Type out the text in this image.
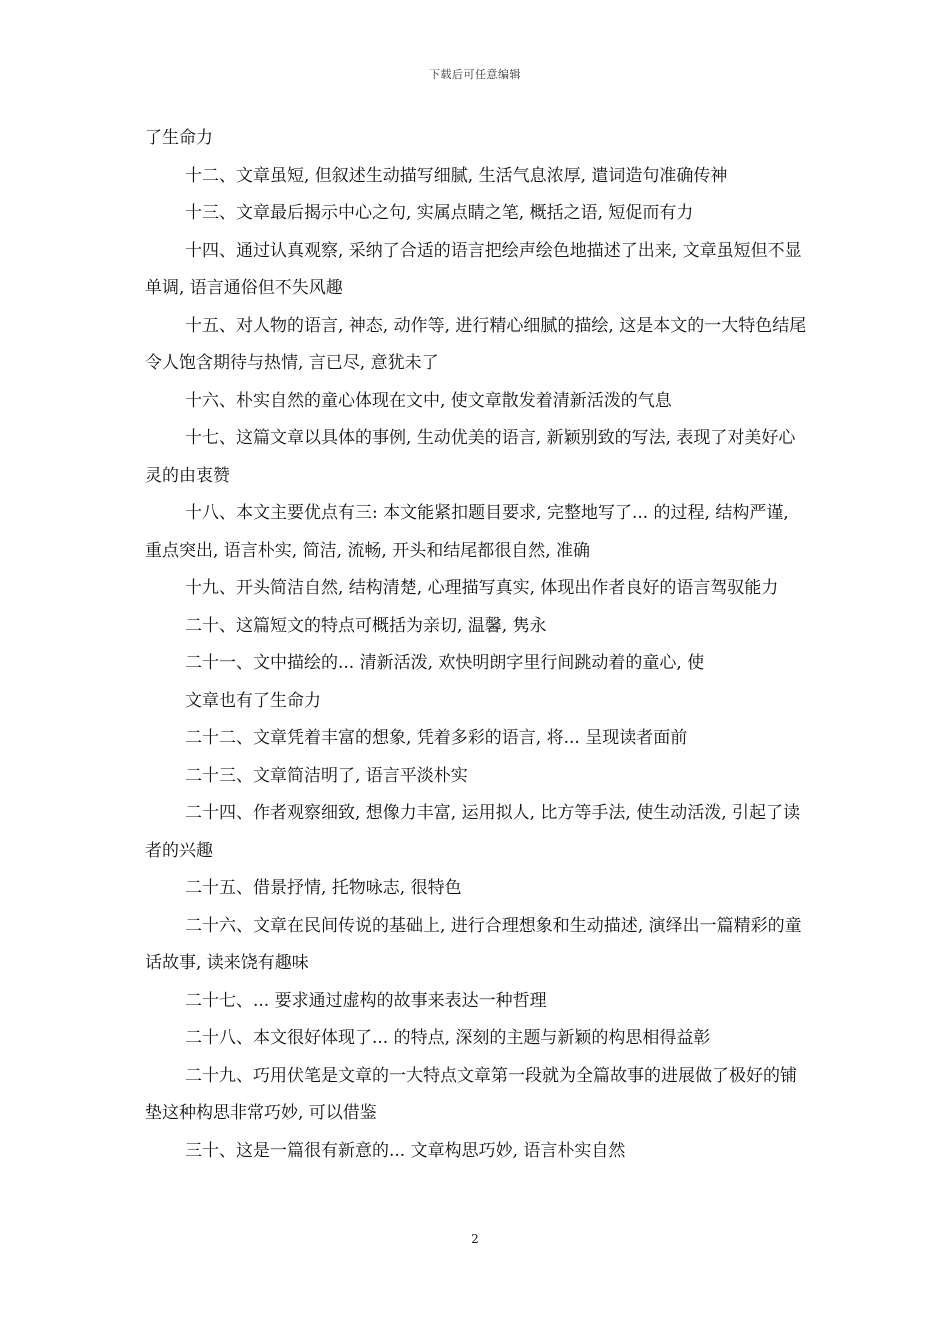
下载后可任意编辑

了生命力

十二、文章虽短, 但叙述生动描写细腻, 生活气息浓厚, 遣词造句准确传神

十三、文章最后揭示中心之句, 实属点睛之笔, 概括之语, 短促而有力

十四、通过认真观察, 采纳了合适的语言把绘声绘色地描述了出来, 文章虽短但不显单调, 语言通俗但不失风趣

十五、对人物的语言, 神态, 动作等, 进行精心细腻的描绘, 这是本文的一大特色结尾令人饱含期待与热情, 言已尽, 意犹未了

十六、朴实自然的童心体现在文中, 使文章散发着清新活泼的气息

十七、这篇文章以具体的事例, 生动优美的语言, 新颖别致的写法, 表现了对美好心灵的由衷赞

十八、本文主要优点有三: 本文能紧扣题目要求, 完整地写了... 的过程, 结构严谨, 重点突出, 语言朴实, 简洁, 流畅, 开头和结尾都很自然, 准确

十九、开头简洁自然, 结构清楚, 心理描写真实, 体现出作者良好的语言驾驭能力

二十、这篇短文的特点可概括为亲切, 温馨, 隽永

二十一、文中描绘的... 清新活泼, 欢快明朗字里行间跳动着的童心, 使

文章也有了生命力

二十二、文章凭着丰富的想象, 凭着多彩的语言, 将... 呈现读者面前

二十三、文章简洁明了, 语言平淡朴实

二十四、作者观察细致, 想像力丰富, 运用拟人, 比方等手法, 使生动活泼, 引起了读者的兴趣

二十五、借景抒情, 托物咏志, 很特色

二十六、文章在民间传说的基础上, 进行合理想象和生动描述, 演绎出一篇精彩的童话故事, 读来饶有趣味

二十七、... 要求通过虚构的故事来表达一种哲理

二十八、本文很好体现了... 的特点, 深刻的主题与新颖的构思相得益彰

二十九、巧用伏笔是文章的一大特点文章第一段就为全篇故事的进展做了极好的铺垫这种构思非常巧妙, 可以借鉴

三十、这是一篇很有新意的... 文章构思巧妙, 语言朴实自然

2
